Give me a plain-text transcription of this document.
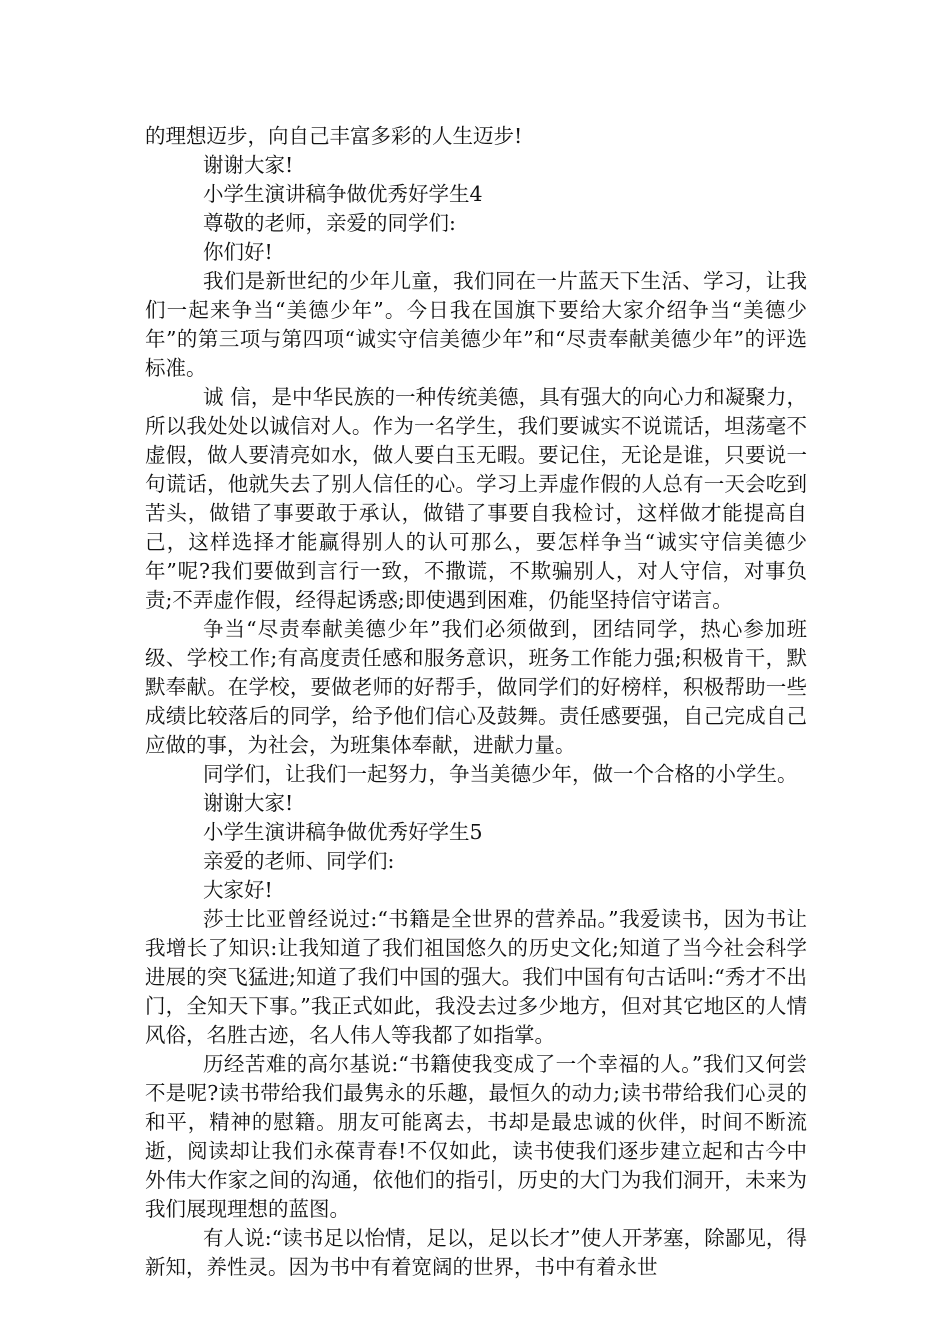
的理想迈步，向自己丰富多彩的人生迈步!

谢谢大家!

小学生演讲稿争做优秀好学生4

尊敬的老师，亲爱的同学们:

你们好!

我们是新世纪的少年儿童，我们同在一片蓝天下生活、学习，让我们一起来争当“美德少年”。今日我在国旗下要给大家介绍争当“美德少年”的第三项与第四项“诚实守信美德少年”和“尽责奉献美德少年”的评选标准。

诚 信，是中华民族的一种传统美德，具有强大的向心力和凝聚力，所以我处处以诚信对人。作为一名学生，我们要诚实不说谎话，坦荡毫不虚假，做人要清亮如水，做人要白玉无暇。要记住，无论是谁，只要说一句谎话，他就失去了别人信任的心。学习上弄虚作假的人总有一天会吃到苦头，做错了事要敢于承认，做错了事要自我检讨，这样做才能提高自己，这样选择才能赢得别人的认可那么，要怎样争当“诚实守信美德少年”呢?我们要做到言行一致，不撒谎，不欺骗别人，对人守信，对事负责;不弄虚作假，经得起诱惑;即使遇到困难，仍能坚持信守诺言。

争当“尽责奉献美德少年”我们必须做到，团结同学，热心参加班级、学校工作;有高度责任感和服务意识，班务工作能力强;积极肯干，默默奉献。在学校，要做老师的好帮手，做同学们的好榜样，积极帮助一些成绩比较落后的同学，给予他们信心及鼓舞。责任感要强，自己完成自己应做的事，为社会，为班集体奉献，进献力量。

同学们，让我们一起努力，争当美德少年，做一个合格的小学生。

谢谢大家!

小学生演讲稿争做优秀好学生5

亲爱的老师、同学们:

大家好!

莎士比亚曾经说过:“书籍是全世界的营养品。”我爱读书，因为书让我增长了知识:让我知道了我们祖国悠久的历史文化;知道了当今社会科学进展的突飞猛进;知道了我们中国的强大。我们中国有句古话叫:“秀才不出门，全知天下事。”我正式如此，我没去过多少地方，但对其它地区的人情风俗，名胜古迹，名人伟人等我都了如指掌。

历经苦难的高尔基说:“书籍使我变成了一个幸福的人。”我们又何尝不是呢?读书带给我们最隽永的乐趣，最恒久的动力;读书带给我们心灵的和平，精神的慰籍。朋友可能离去，书却是最忠诚的伙伴，时间不断流逝，阅读却让我们永葆青春!不仅如此，读书使我们逐步建立起和古今中外伟大作家之间的沟通，依他们的指引，历史的大门为我们洞开，未来为我们展现理想的蓝图。

有人说:“读书足以怡情，足以，足以长才”使人开茅塞，除鄙见，得新知，养性灵。因为书中有着宽阔的世界，书中有着永世
